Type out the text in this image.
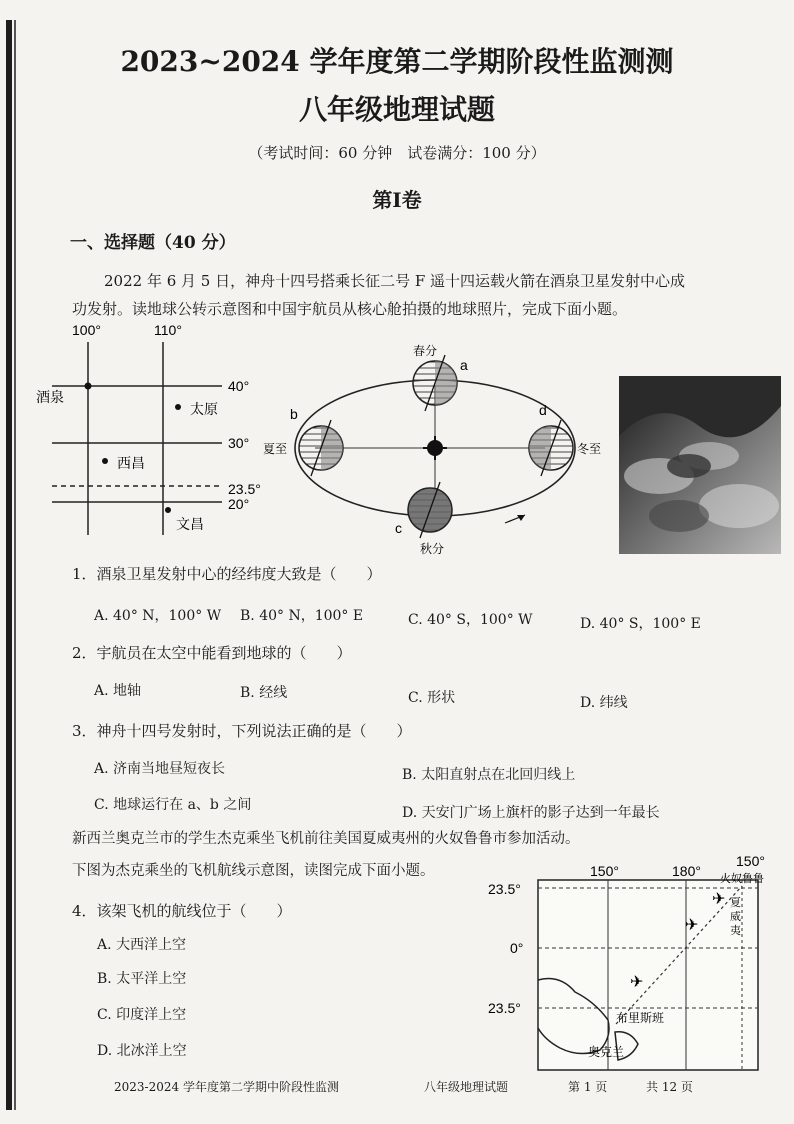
2023~2024 学年度第二学期阶段性监测测
八年级地理试题
（考试时间：60 分钟　试卷满分：100 分）
第Ⅰ卷
一、选择题（40 分）
2022 年 6 月 5 日，神舟十四号搭乘长征二号 F 遥十四运载火箭在酒泉卫星发射中心成
功发射。读地球公转示意图和中国宇航员从核心舱拍摄的地球照片，完成下面小题。
100°	110°
40°
30°
23.5°
20°
酒泉
太原
西昌
文昌
春分
a
夏至
b
秋分
c
冬至
d
1．酒泉卫星发射中心的经纬度大致是（　　）
A. 40° N，100° W B. 40° N，100° E	C. 40° S，100° W	D. 40° S，100° E
2．宇航员在太空中能看到地球的（　　）
A. 地轴	B. 经线	C. 形状	D. 纬线
3．神舟十四号发射时，下列说法正确的是（　　）
A. 济南当地昼短夜长	B. 太阳直射点在北回归线上
C. 地球运行在 a、b 之间	D. 天安门广场上旗杆的影子达到一年最长
新西兰奥克兰市的学生杰克乘坐飞机前往美国夏威夷州的火奴鲁鲁市参加活动。
下图为杰克乘坐的飞机航线示意图，读图完成下面小题。
4．该架飞机的航线位于（　　）
A. 大西洋上空
B. 太平洋上空
C. 印度洋上空
D. 北冰洋上空
150°	180°
150°
23.5°
0°
23.5°
✈
✈
✈
火奴鲁鲁
夏
威
夷
布里斯班
奥克兰
2023-2024 学年度第二学期中阶段性监测	八年级地理试题	第 1 页	共 12 页
